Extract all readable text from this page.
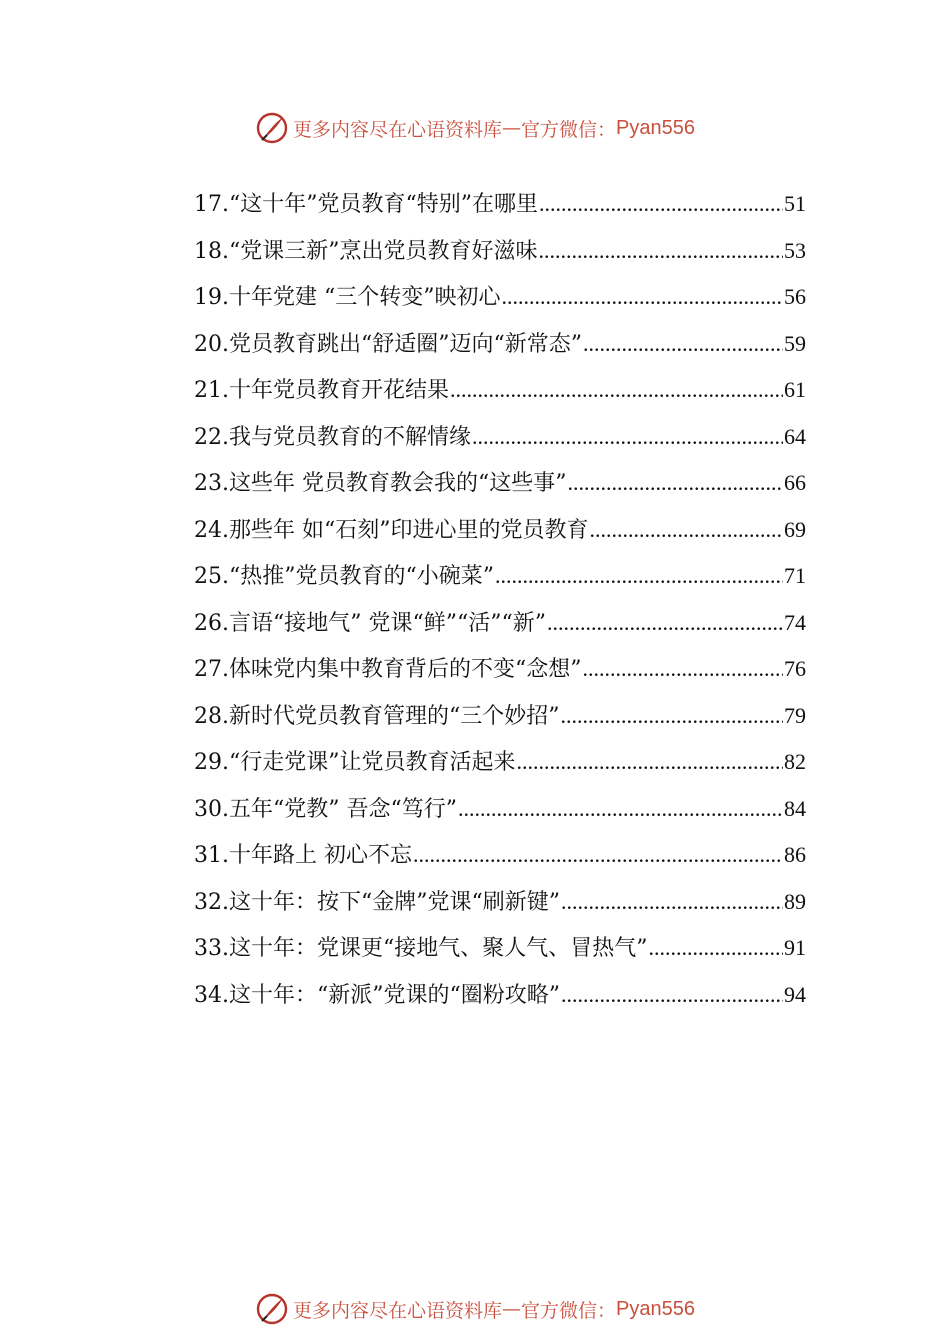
更多内容尽在心语资料库 — 官方微信： Pyan556
17.“这十年”党员教育“特别”在哪里 .....	51
18.“党课三新”烹出党员教育好滋味 .....	53
19.十年党建 “三个转变”映初心 .....	56
20.党员教育跳出“舒适圈”迈向“新常态” .....	59
21.十年党员教育开花结果 .....	61
22.我与党员教育的不解情缘 .....	64
23.这些年 党员教育教会我的“这些事” .....	66
24.那些年 如“石刻”印进心里的党员教育 .....	69
25.“热推”党员教育的“小碗菜” .....	71
26.言语“接地气” 党课“鲜”“活”“新” .....	74
27.体味党内集中教育背后的不变“念想” .....	76
28.新时代党员教育管理的“三个妙招” .....	79
29.“行走党课”让党员教育活起来 .....	82
30.五年“党教” 吾念“笃行” .....	84
31.十年路上 初心不忘 .....	86
32.这十年：按下“金牌”党课“刷新键” .....	89
33.这十年：党课更“接地气、聚人气、冒热气” .....	91
34.这十年：“新派”党课的“圈粉攻略” .....	94
更多内容尽在心语资料库 — 官方微信： Pyan556
